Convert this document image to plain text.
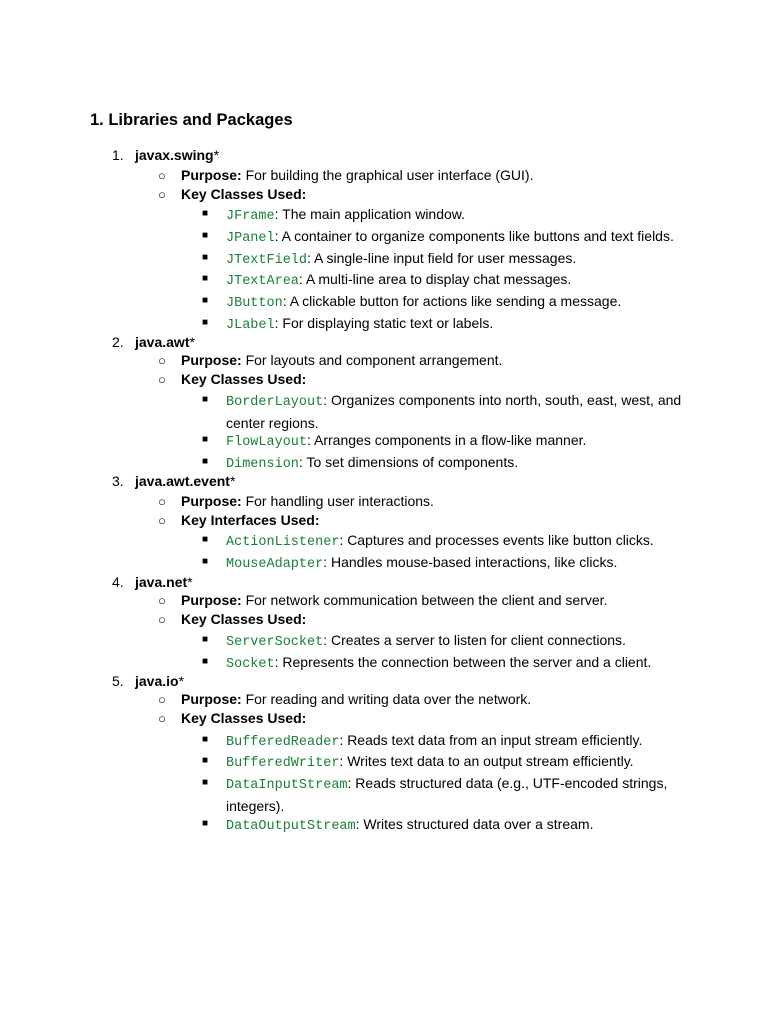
1. Libraries and Packages
1. javax.swing*
○ Purpose: For building the graphical user interface (GUI).
○ Key Classes Used:
■ JFrame: The main application window.
■ JPanel: A container to organize components like buttons and text fields.
■ JTextField: A single-line input field for user messages.
■ JTextArea: A multi-line area to display chat messages.
■ JButton: A clickable button for actions like sending a message.
■ JLabel: For displaying static text or labels.
2. java.awt*
○ Purpose: For layouts and component arrangement.
○ Key Classes Used:
■ BorderLayout: Organizes components into north, south, east, west, and center regions.
■ FlowLayout: Arranges components in a flow-like manner.
■ Dimension: To set dimensions of components.
3. java.awt.event*
○ Purpose: For handling user interactions.
○ Key Interfaces Used:
■ ActionListener: Captures and processes events like button clicks.
■ MouseAdapter: Handles mouse-based interactions, like clicks.
4. java.net*
○ Purpose: For network communication between the client and server.
○ Key Classes Used:
■ ServerSocket: Creates a server to listen for client connections.
■ Socket: Represents the connection between the server and a client.
5. java.io*
○ Purpose: For reading and writing data over the network.
○ Key Classes Used:
■ BufferedReader: Reads text data from an input stream efficiently.
■ BufferedWriter: Writes text data to an output stream efficiently.
■ DataInputStream: Reads structured data (e.g., UTF-encoded strings, integers).
■ DataOutputStream: Writes structured data over a stream.
